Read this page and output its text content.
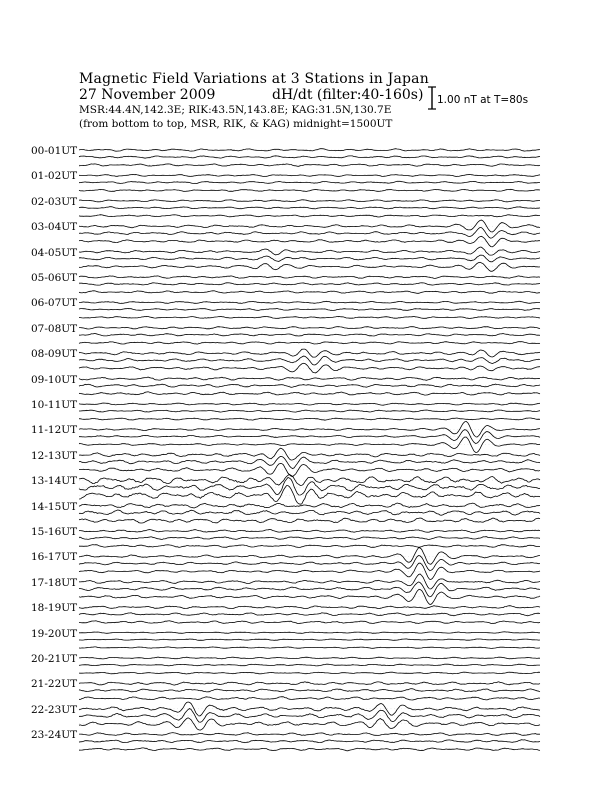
Magnetic Field Variations at 3 Stations in Japan
27 November 2009	dH/dt (filter:40-160s)
MSR:44.4N,142.3E; RIK:43.5N,143.8E; KAG:31.5N,130.7E
(from bottom to top, MSR, RIK, & KAG) midnight=1500UT
1.00 nT at T=80s
00-01UT
01-02UT
02-03UT
03-04UT
04-05UT
05-06UT
06-07UT
07-08UT
08-09UT
09-10UT
10-11UT
11-12UT
12-13UT
13-14UT
14-15UT
15-16UT
16-17UT
17-18UT
18-19UT
19-20UT
20-21UT
21-22UT
22-23UT
23-24UT
